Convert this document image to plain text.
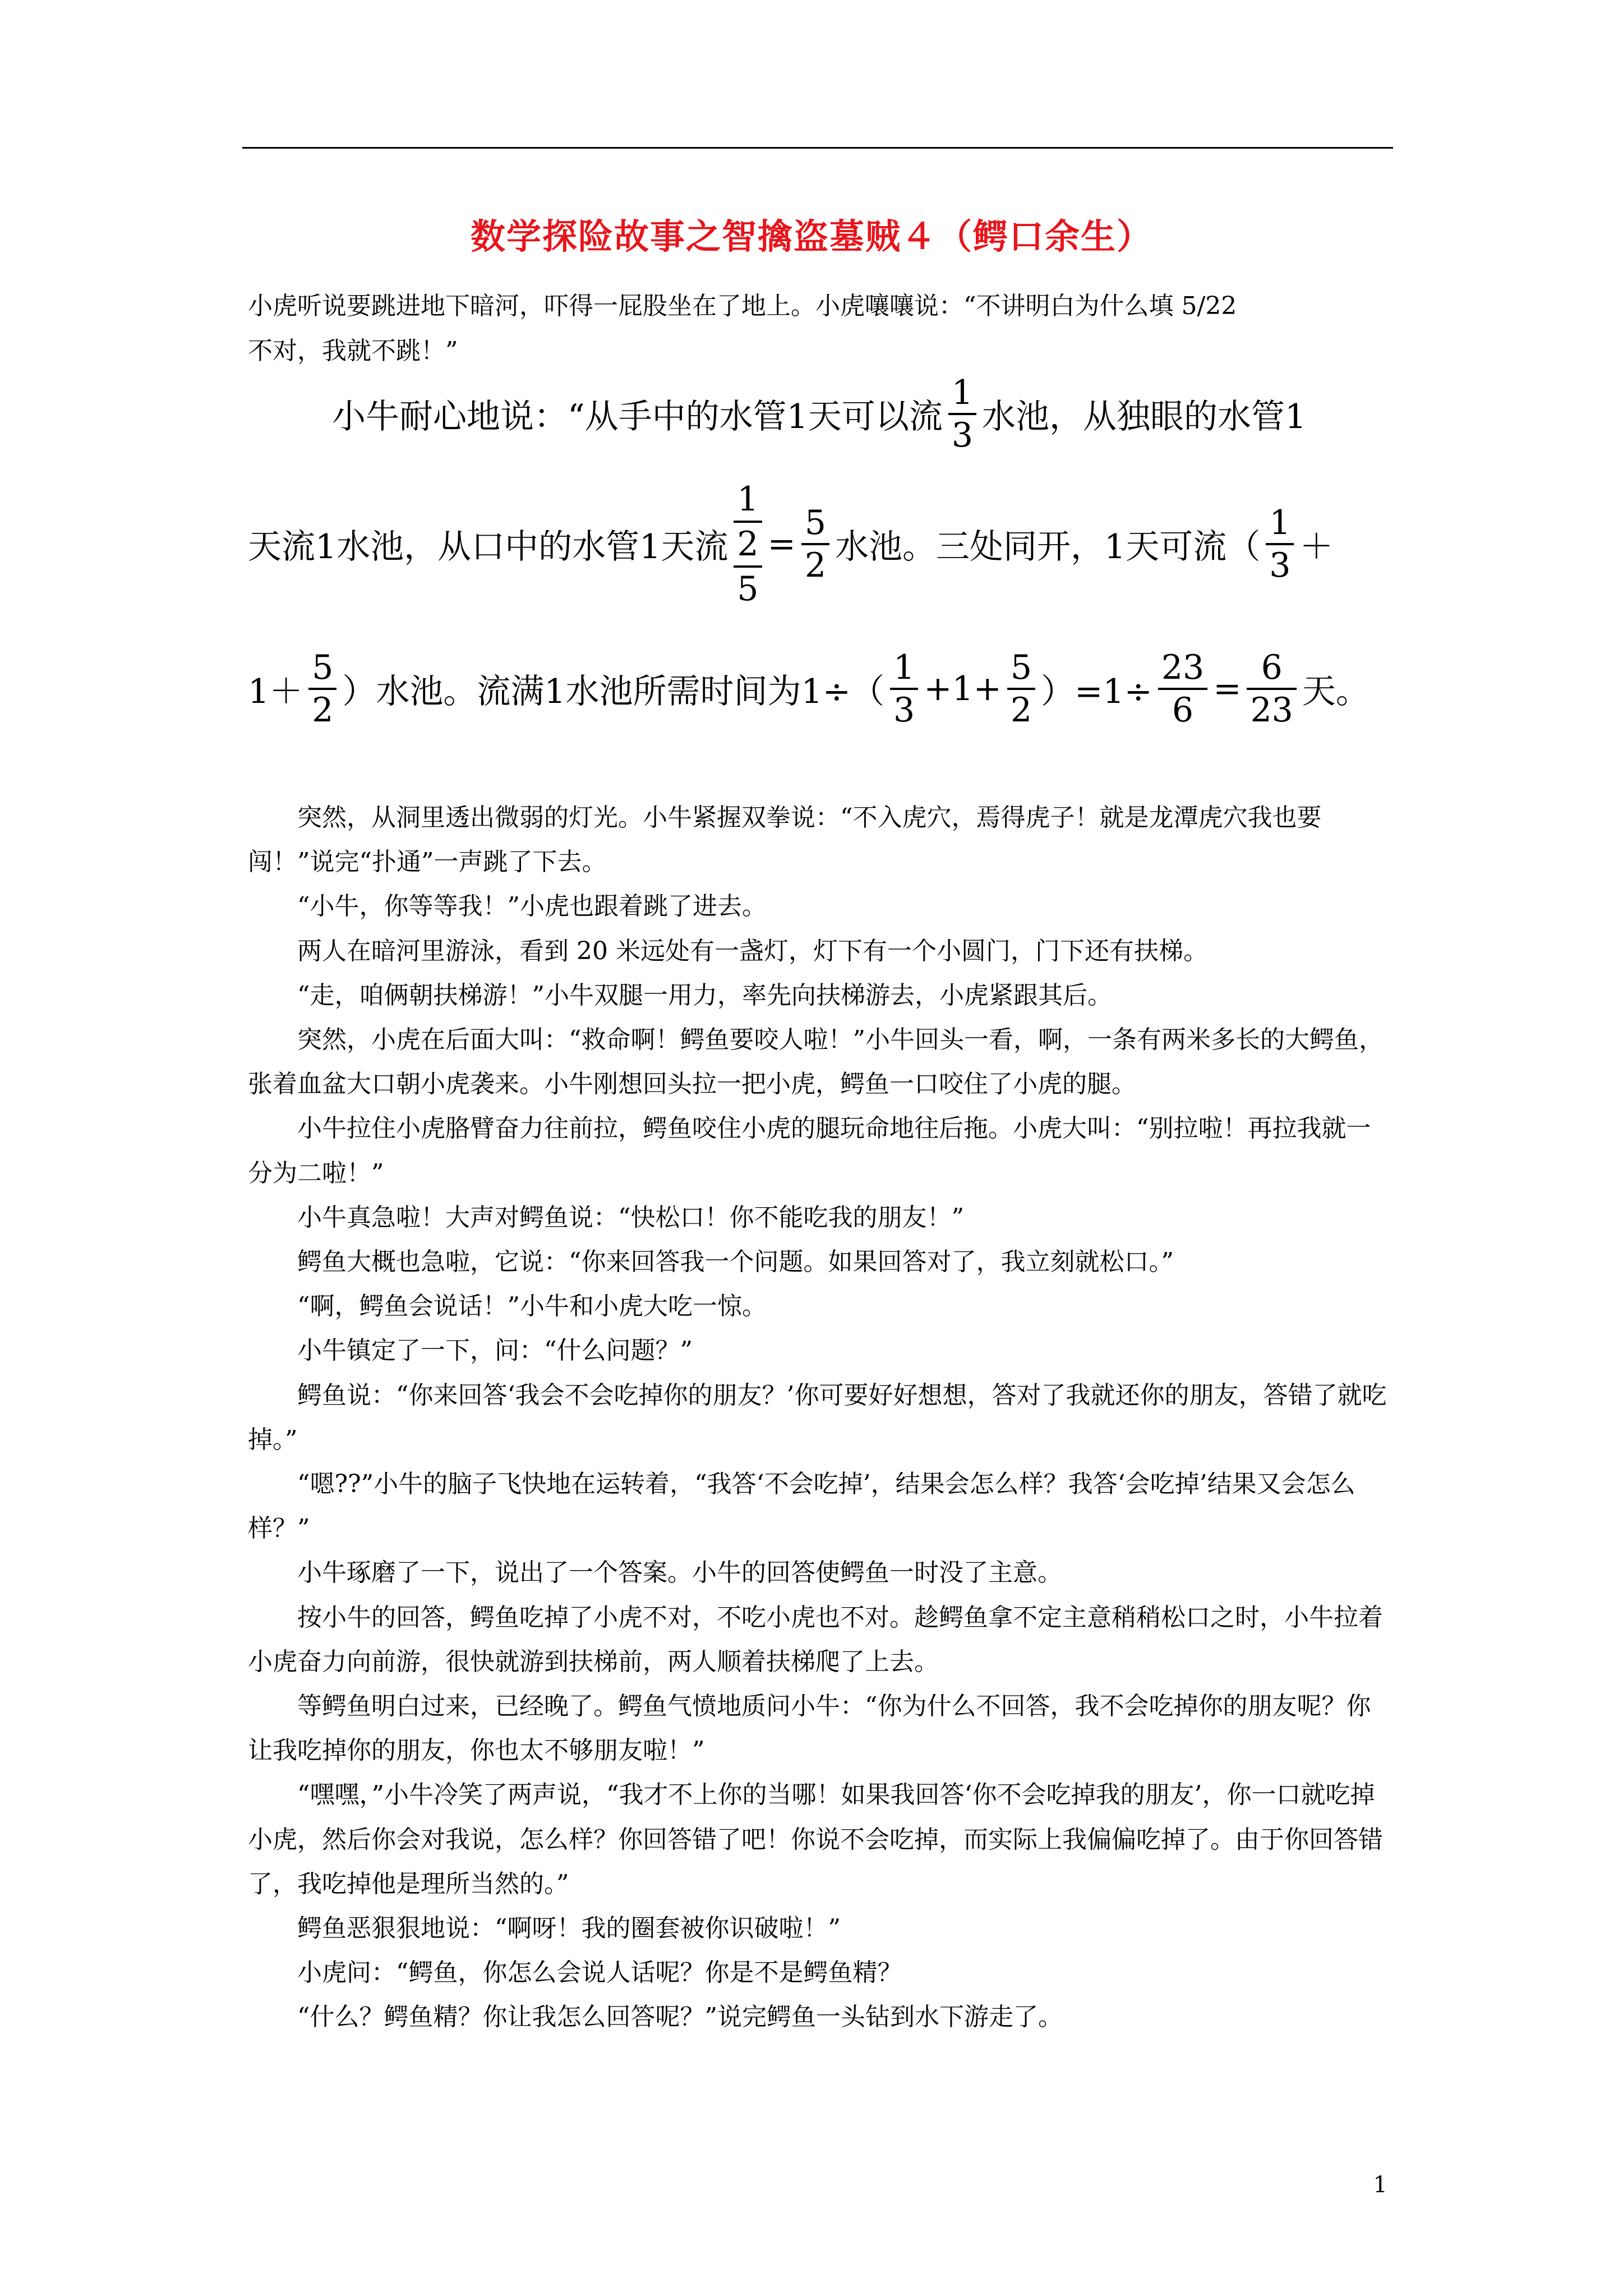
数学探险故事之智擒盗墓贼４（鳄口余生）

小虎听说要跳进地下暗河，吓得一屁股坐在了地上。小虎嚷嚷说：“不讲明白为什么填 5/22

不对，我就不跳！”

小牛耐心地说：“从手中的水管1天可以流 $\frac{1}{3}$ 水池，从独眼的水管1
天流1水池，从口中的水管1天流
1
$\frac{2}{5} = \frac{5}{2}$ 水池。三处同开，1天可流（ $\frac{1}{3}$ ＋
$1+ \frac{5}{2}$ ）水池。流满1水池所需时间为$1\div( \frac{1}{3} +1+ \frac{5}{2} )=1\div \frac{23}{6} = \frac{6}{23}$ 天。

突然，从洞里透出微弱的灯光。小牛紧握双拳说：“不入虎穴，焉得虎子！就是龙潭虎穴我也要闯！”说完“扑通”一声跳了下去。

“小牛，你等等我！”小虎也跟着跳了进去。

两人在暗河里游泳，看到 20 米远处有一盏灯，灯下有一个小圆门，门下还有扶梯。

“走，咱俩朝扶梯游！”小牛双腿一用力，率先向扶梯游去，小虎紧跟其后。

突然，小虎在后面大叫：“救命啊！鳄鱼要咬人啦！”小牛回头一看，啊，一条有两米多长的大鳄鱼，张着血盆大口朝小虎袭来。小牛刚想回头拉一把小虎，鳄鱼一口咬住了小虎的腿。

小牛拉住小虎胳臂奋力往前拉，鳄鱼咬住小虎的腿玩命地往后拖。小虎大叫：“别拉啦！再拉我就一分为二啦！”

小牛真急啦！大声对鳄鱼说：“快松口！你不能吃我的朋友！”

鳄鱼大概也急啦，它说：“你来回答我一个问题。如果回答对了，我立刻就松口。”

“啊，鳄鱼会说话！”小牛和小虎大吃一惊。

小牛镇定了一下，问：“什么问题？”

鳄鱼说：“你来回答‘我会不会吃掉你的朋友？’你可要好好想想，答对了我就还你的朋友，答错了就吃掉。”

“嗯??”小牛的脑子飞快地在运转着，“我答‘不会吃掉’，结果会怎么样？我答‘会吃掉’结果又会怎么样？”

小牛琢磨了一下，说出了一个答案。小牛的回答使鳄鱼一时没了主意。

按小牛的回答，鳄鱼吃掉了小虎不对，不吃小虎也不对。趁鳄鱼拿不定主意稍稍松口之时，小牛拉着小虎奋力向前游，很快就游到扶梯前，两人顺着扶梯爬了上去。

等鳄鱼明白过来，已经晚了。鳄鱼气愤地质问小牛：“你为什么不回答，我不会吃掉你的朋友呢？你让我吃掉你的朋友，你也太不够朋友啦！”

“嘿嘿，”小牛冷笑了两声说，“我才不上你的当哪！如果我回答‘你不会吃掉我的朋友’，你一口就吃掉小虎，然后你会对我说，怎么样？你回答错了吧！你说不会吃掉，而实际上我偏偏吃掉了。由于你回答错了，我吃掉他是理所当然的。”

鳄鱼恶狠狠地说：“啊呀！我的圈套被你识破啦！”

小虎问：“鳄鱼，你怎么会说人话呢？你是不是鳄鱼精？

“什么？鳄鱼精？你让我怎么回答呢？”说完鳄鱼一头钻到水下游走了。

1
